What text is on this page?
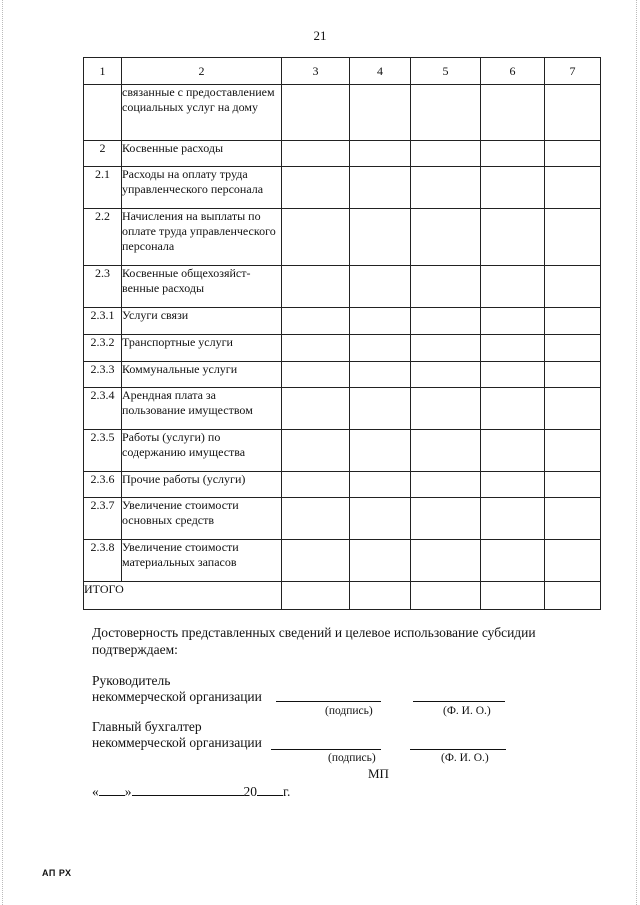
21
1	2	3	4	5	6	7
	связанные с предоставлением социальных услуг на дому					
2	Косвенные расходы					
2.1	Расходы на оплату труда управленческого персонала					
2.2	Начисления на выплаты по оплате труда управленческого персонала					
2.3	Косвенные общехозяйст-венные расходы					
2.3.1	Услуги связи					
2.3.2	Транспортные услуги					
2.3.3	Коммунальные услуги					
2.3.4	Арендная плата за пользование имуществом					
2.3.5	Работы (услуги) по содержанию имущества					
2.3.6	Прочие работы (услуги)					
2.3.7	Увеличение стоимости основных средств					
2.3.8	Увеличение стоимости материальных запасов					
ИТОГО						
Достоверность представленных сведений и целевое использование субсидии подтверждаем:
Руководитель
некоммерческой организации
(подпись)	(Ф. И. О.)
Главный бухгалтер
некоммерческой организации
(подпись)	(Ф. И. О.)
МП
« »	20 г.
АП РХ
